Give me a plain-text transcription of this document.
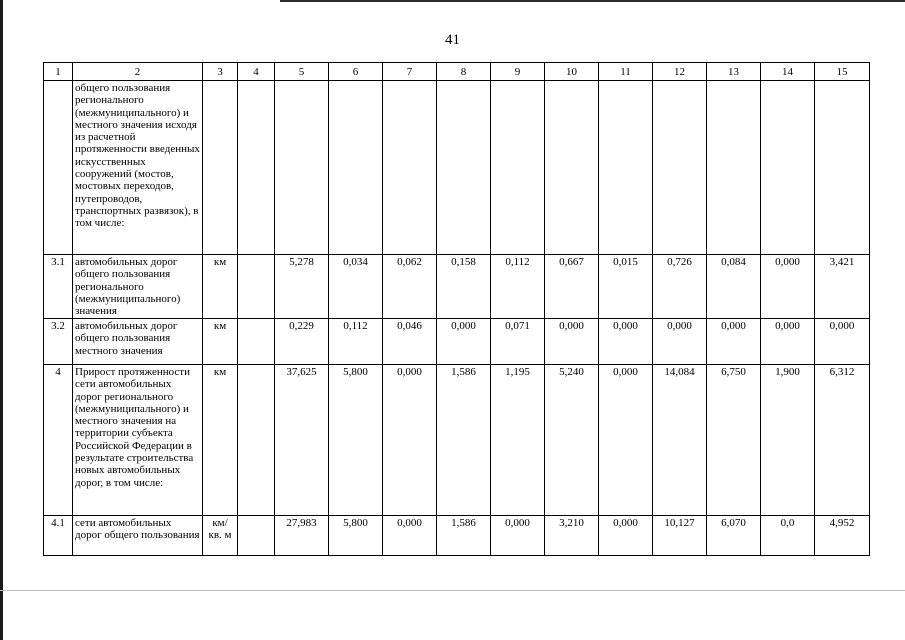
41
1	2	3	4	5	6	7	8	9	10	11	12	13	14	15
	общего пользования регионального (межмуниципального) и местного значения исходя из расчетной протяженности введенных искусственных сооружений (мостов, мостовых переходов, путепроводов, транспортных развязок), в том числе:													
3.1	автомобильных дорог общего пользования регионального (межмуниципального) значения	км		5,278	0,034	0,062	0,158	0,112	0,667	0,015	0,726	0,084	0,000	3,421
3.2	автомобильных дорог общего пользования местного значения	км		0,229	0,112	0,046	0,000	0,071	0,000	0,000	0,000	0,000	0,000	0,000
4	Прирост протяженности сети автомобильных дорог регионального (межмуниципального) и местного значения на территории субъекта Российской Федерации в результате строительства новых автомобильных дорог, в том числе:	км		37,625	5,800	0,000	1,586	1,195	5,240	0,000	14,084	6,750	1,900	6,312
4.1	сети автомобильных дорог общего пользования	км/ кв. м		27,983	5,800	0,000	1,586	0,000	3,210	0,000	10,127	6,070	0,0	4,952
